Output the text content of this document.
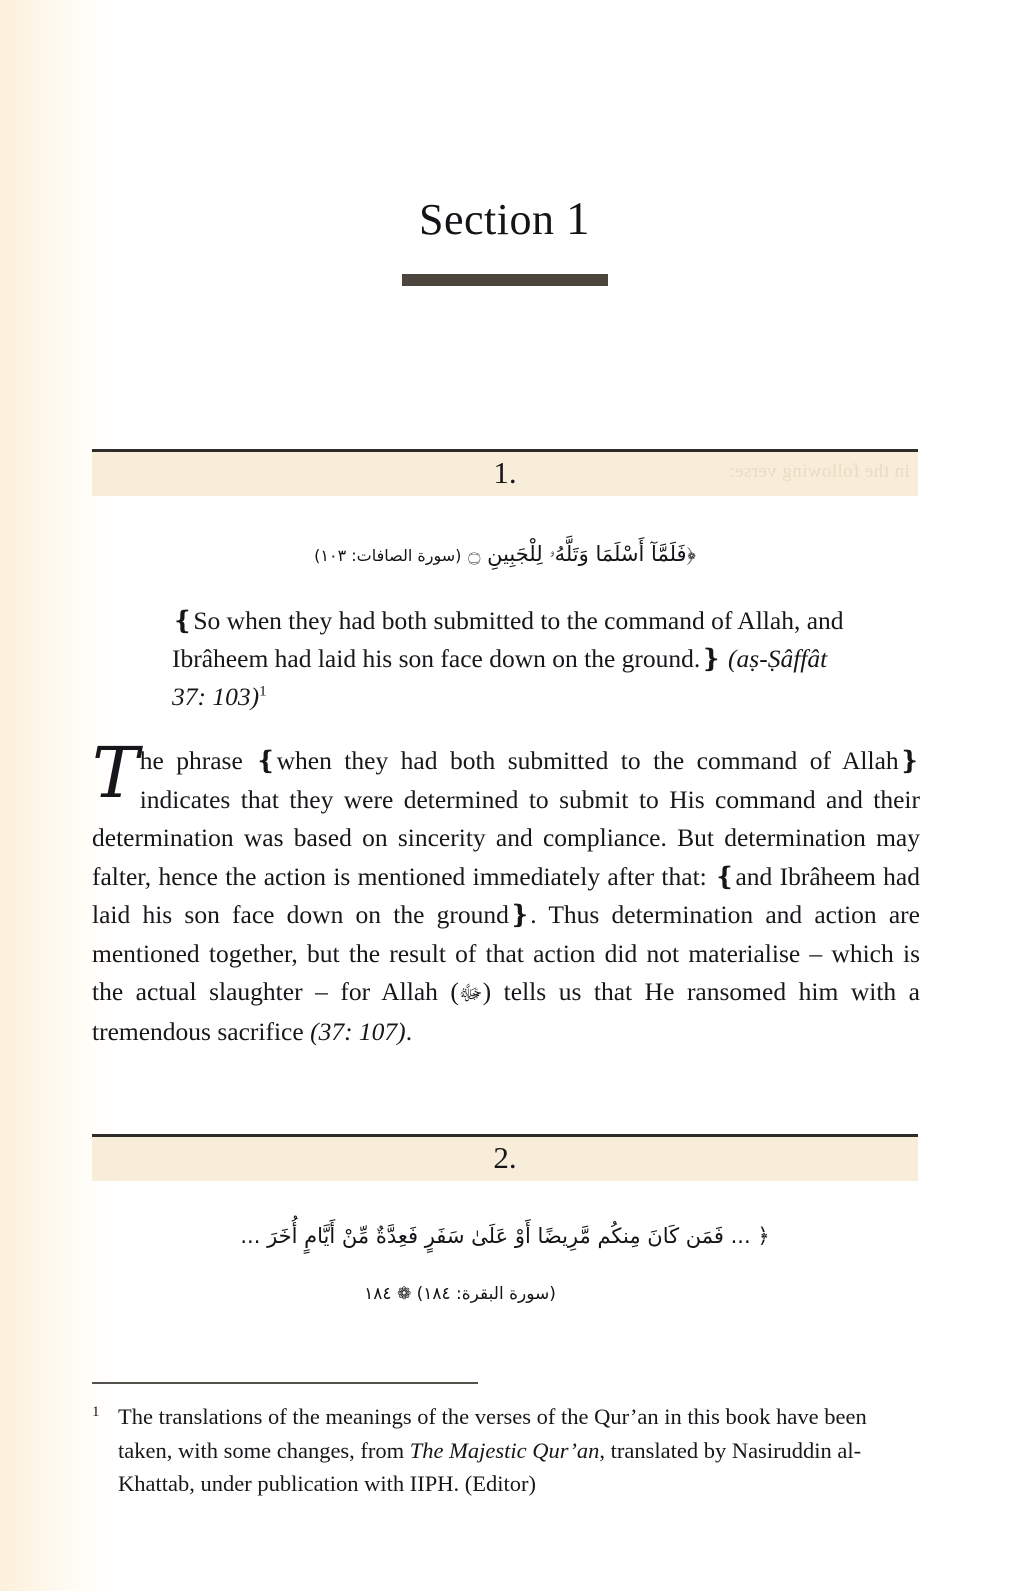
Section 1
in the following verse:
1.
﴿فَلَمَّآ أَسْلَمَا وَتَلَّهُۥ لِلْجَبِينِ ۝ (سورة الصافات: ١٠٣)
❴So when they had both submitted to the command of Allah, and Ibrâheem had laid his son face down on the ground.❵ (aṣ-Ṣâffât 37: 103)$^1$
The phrase ❴when they had both submitted to the command of Allah❵ indicates that they were determined to submit to His command and their determination was based on sincerity and compliance. But determination may falter, hence the action is mentioned immediately after that: ❴and Ibrâheem had laid his son face down on the ground❵. Thus determination and action are mentioned together, but the result of that action did not materialise – which is the actual slaughter – for Allah (ﷻ) tells us that He ransomed him with a tremendous sacrifice (37: 107).
2.
﴿ ... فَمَن كَانَ مِنكُم مَّرِيضًا أَوْ عَلَىٰ سَفَرٍ فَعِدَّةٌ مِّنْ أَيَّامٍ أُخَرَ ...
(سورة البقرة: ١٨٤) ❁ ١٨٤
1 The translations of the meanings of the verses of the Qur’an in this book have been taken, with some changes, from The Majestic Qur’an, translated by Nasiruddin al-Khattab, under publication with IIPH. (Editor)
